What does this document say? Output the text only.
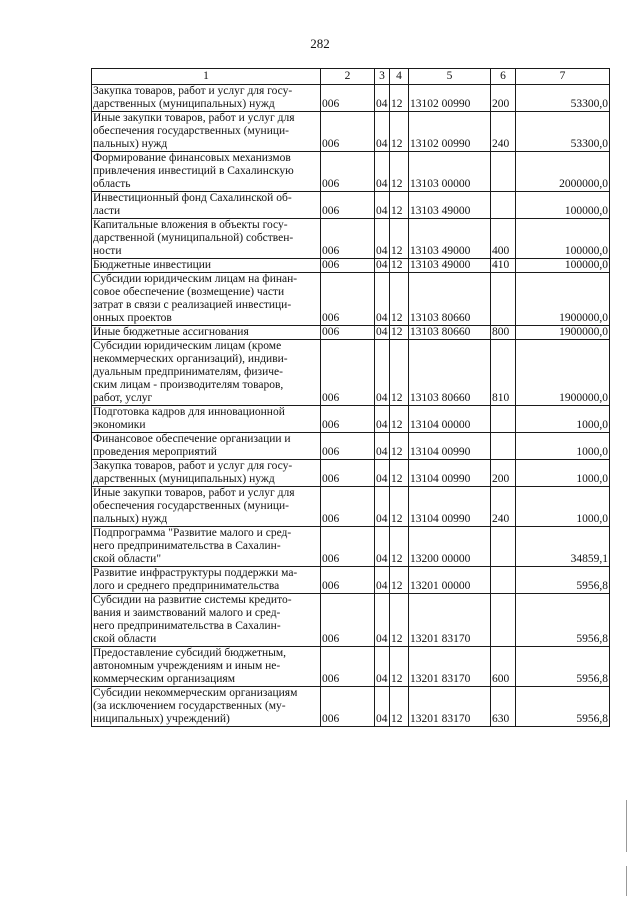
282
1	2	3	4	5	6	7

Закупка товаров, работ и услуг для госу-
дарственных (муниципальных) нужд	006	04	12	13102 00990	200	53300,0

Иные закупки товаров, работ и услуг для
обеспечения государственных (муници-
пальных) нужд	006	04	12	13102 00990	240	53300,0

Формирование финансовых механизмов
привлечения инвестиций в Сахалинскую
область	006	04	12	13103 00000		2000000,0

Инвестиционный фонд Сахалинской об-
ласти	006	04	12	13103 49000		100000,0

Капитальные вложения в объекты госу-
дарственной (муниципальной) собствен-
ности	006	04	12	13103 49000	400	100000,0

Бюджетные инвестиции	006	04	12	13103 49000	410	100000,0

Субсидии юридическим лицам на финан-
совое обеспечение (возмещение) части
затрат в связи с реализацией инвестици-
онных проектов	006	04	12	13103 80660		1900000,0

Иные бюджетные ассигнования	006	04	12	13103 80660	800	1900000,0

Субсидии юридическим лицам (кроме
некоммерческих организаций), индиви-
дуальным предпринимателям, физиче-
ским лицам - производителям товаров,
работ, услуг	006	04	12	13103 80660	810	1900000,0

Подготовка кадров для инновационной
экономики	006	04	12	13104 00000		1000,0

Финансовое обеспечение организации и
проведения мероприятий	006	04	12	13104 00990		1000,0

Закупка товаров, работ и услуг для госу-
дарственных (муниципальных) нужд	006	04	12	13104 00990	200	1000,0

Иные закупки товаров, работ и услуг для
обеспечения государственных (муници-
пальных) нужд	006	04	12	13104 00990	240	1000,0

Подпрограмма "Развитие малого и сред-
него предпринимательства в Сахалин-
ской области"	006	04	12	13200 00000		34859,1

Развитие инфраструктуры поддержки ма-
лого и среднего предпринимательства	006	04	12	13201 00000		5956,8

Субсидии на развитие системы кредито-
вания и заимствований малого и сред-
него предпринимательства в Сахалин-
ской области	006	04	12	13201 83170		5956,8

Предоставление субсидий бюджетным,
автономным учреждениям и иным не-
коммерческим организациям	006	04	12	13201 83170	600	5956,8

Субсидии некоммерческим организациям
(за исключением государственных (му-
ниципальных) учреждений)	006	04	12	13201 83170	630	5956,8
